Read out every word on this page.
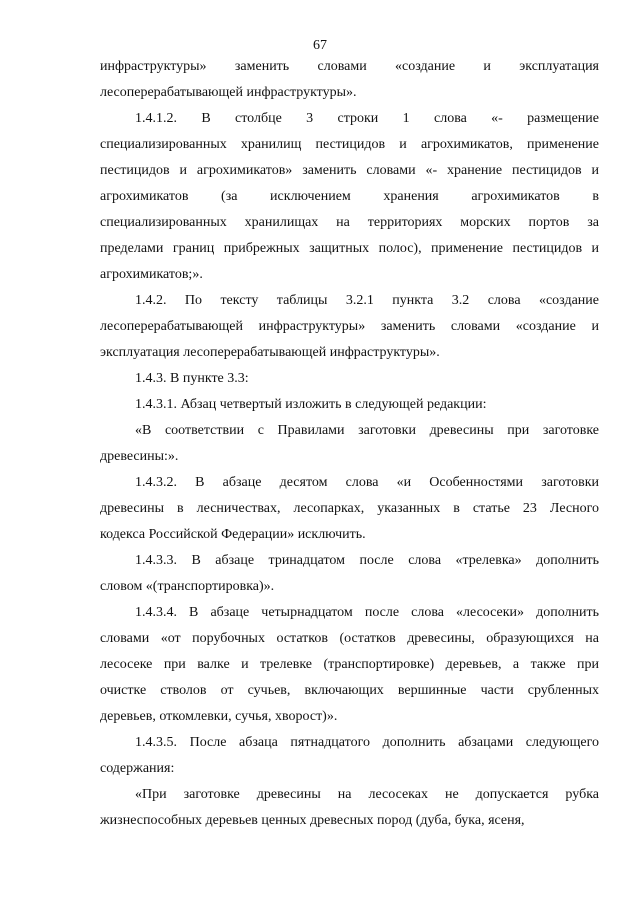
67

инфраструктуры» заменить словами «создание и эксплуатация
лесоперерабатывающей инфраструктуры».

1.4.1.2. В столбце 3 строки 1 слова «- размещение
специализированных хранилищ пестицидов и агрохимикатов, применение
пестицидов и агрохимикатов» заменить словами «- хранение пестицидов и
агрохимикатов (за исключением хранения агрохимикатов в
специализированных хранилищах на территориях морских портов за
пределами границ прибрежных защитных полос), применение пестицидов и
агрохимикатов;».

1.4.2. По тексту таблицы 3.2.1 пункта 3.2 слова «создание
лесоперерабатывающей инфраструктуры» заменить словами «создание и
эксплуатация лесоперерабатывающей инфраструктуры».

1.4.3. В пункте 3.3:

1.4.3.1. Абзац четвертый изложить в следующей редакции:

«В соответствии с Правилами заготовки древесины при заготовке
древесины:».

1.4.3.2. В абзаце десятом слова «и Особенностями заготовки
древесины в лесничествах, лесопарках, указанных в статье 23 Лесного
кодекса Российской Федерации» исключить.

1.4.3.3. В абзаце тринадцатом после слова «трелевка» дополнить
словом «(транспортировка)».

1.4.3.4. В абзаце четырнадцатом после слова «лесосеки» дополнить
словами «от порубочных остатков (остатков древесины, образующихся на
лесосеке при валке и трелевке (транспортировке) деревьев, а также при
очистке стволов от сучьев, включающих вершинные части срубленных
деревьев, откомлевки, сучья, хворост)».

1.4.3.5. После абзаца пятнадцатого дополнить абзацами следующего
содержания:

«При заготовке древесины на лесосеках не допускается рубка
жизнеспособных деревьев ценных древесных пород (дуба, бука, ясеня,
